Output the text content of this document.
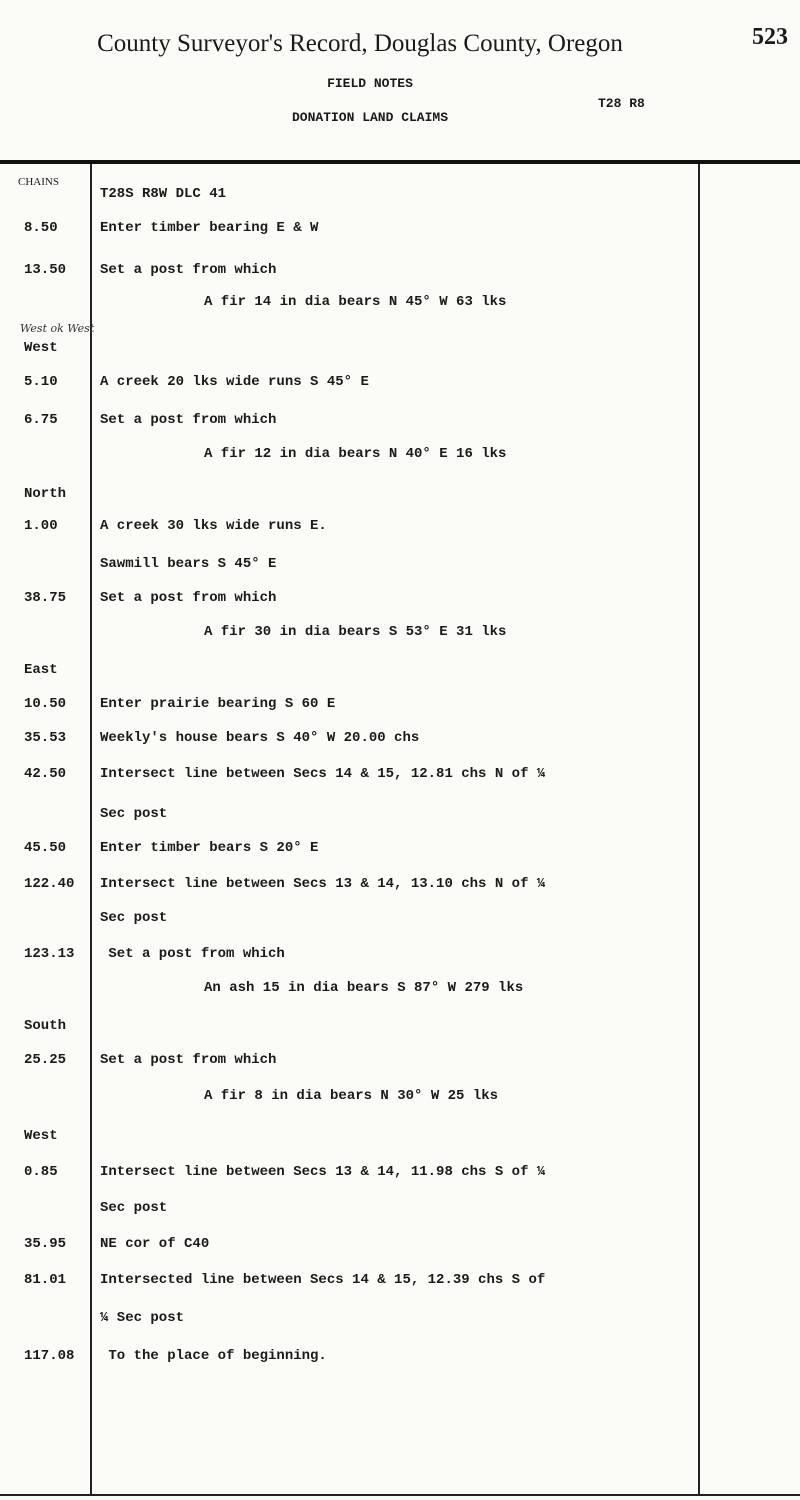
County Surveyor's Record, Douglas County, Oregon	523
FIELD NOTES
T28 R8
DONATION LAND CLAIMS
CHAINS
West ok West
T28S R8W DLC 41
8.50	Enter timber bearing E & W
13.50 Set a post from which
A fir 14 in dia bears N 45° W 63 lks
West
5.10	A creek 20 lks wide runs S 45° E
6.75	Set a post from which
A fir 12 in dia bears N 40° E 16 lks
North
1.00	A creek 30 lks wide runs E.
Sawmill bears S 45° E
38.75 Set a post from which
A fir 30 in dia bears S 53° E 31 lks
East
10.50 Enter prairie bearing S 60 E
35.53 Weekly's house bears S 40° W 20.00 chs
42.50 Intersect line between Secs 14 & 15, 12.81 chs N of ¼
Sec post
45.50 Enter timber bears S 20° E
122.40 Intersect line between Secs 13 & 14, 13.10 chs N of ¼
Sec post
123.13 Set a post from which
An ash 15 in dia bears S 87° W 279 lks
South
25.25 Set a post from which
A fir 8 in dia bears N 30° W 25 lks
West
0.85	Intersect line between Secs 13 & 14, 11.98 chs S of ¼
Sec post
35.95 NE cor of C40
81.01 Intersected line between Secs 14 & 15, 12.39 chs S of
¼ Sec post
117.08 To the place of beginning.
